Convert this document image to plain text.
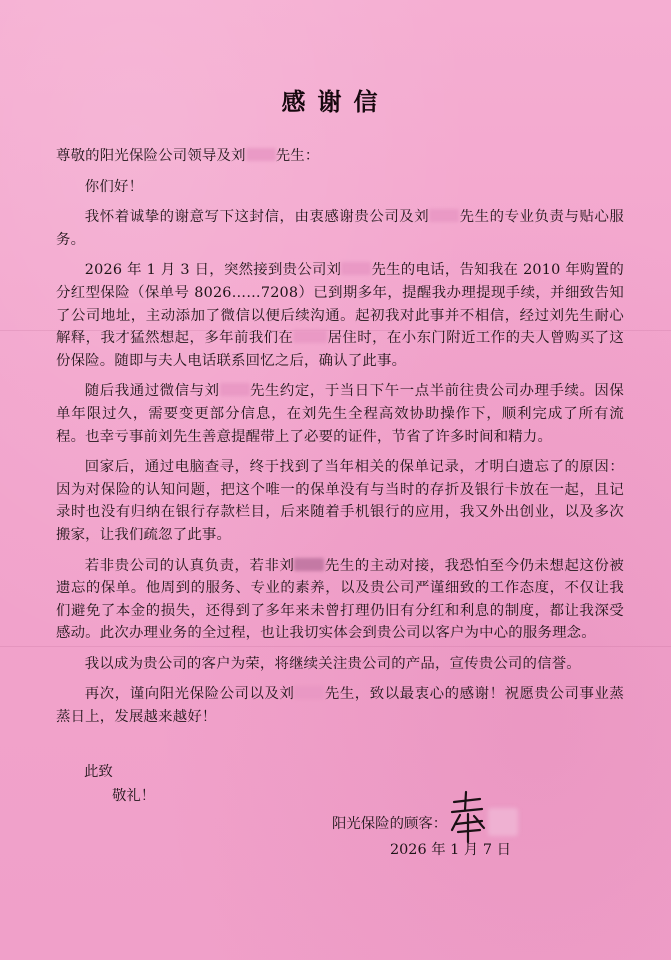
感谢信

尊敬的阳光保险公司领导及刘 先生：

你们好！

我怀着诚挚的谢意写下这封信，由衷感谢贵公司及刘 先生的专业负责与贴心服务。

2026 年 1 月 3 日，突然接到贵公司刘 先生的电话，告知我在 2010 年购置的分红型保险（保单号 8026……7208）已到期多年，提醒我办理提现手续，并细致告知了公司地址，主动添加了微信以便后续沟通。起初我对此事并不相信，经过刘先生耐心解释，我才猛然想起，多年前我们在 居住时，在小东门附近工作的夫人曾购买了这份保险。随即与夫人电话联系回忆之后，确认了此事。

随后我通过微信与刘 先生约定，于当日下午一点半前往贵公司办理手续。因保单年限过久，需要变更部分信息，在刘先生全程高效协助操作下，顺利完成了所有流程。也幸亏事前刘先生善意提醒带上了必要的证件，节省了许多时间和精力。

回家后，通过电脑查寻，终于找到了当年相关的保单记录，才明白遗忘了的原因：因为对保险的认知问题，把这个唯一的保单没有与当时的存折及银行卡放在一起，且记录时也没有归纳在银行存款栏目，后来随着手机银行的应用，我又外出创业，以及多次搬家，让我们疏忽了此事。

若非贵公司的认真负责，若非刘 先生的主动对接，我恐怕至今仍未想起这份被遗忘的保单。他周到的服务、专业的素养，以及贵公司严谨细致的工作态度，不仅让我们避免了本金的损失，还得到了多年来未曾打理仍旧有分红和利息的制度，都让我深受感动。此次办理业务的全过程，也让我切实体会到贵公司以客户为中心的服务理念。

我以成为贵公司的客户为荣，将继续关注贵公司的产品，宣传贵公司的信誉。

再次，谨向阳光保险公司以及刘 先生，致以最衷心的感谢！祝愿贵公司事业蒸蒸日上，发展越来越好！

此致
敬礼！
阳光保险的顾客：
2026 年 1 月 7 日
